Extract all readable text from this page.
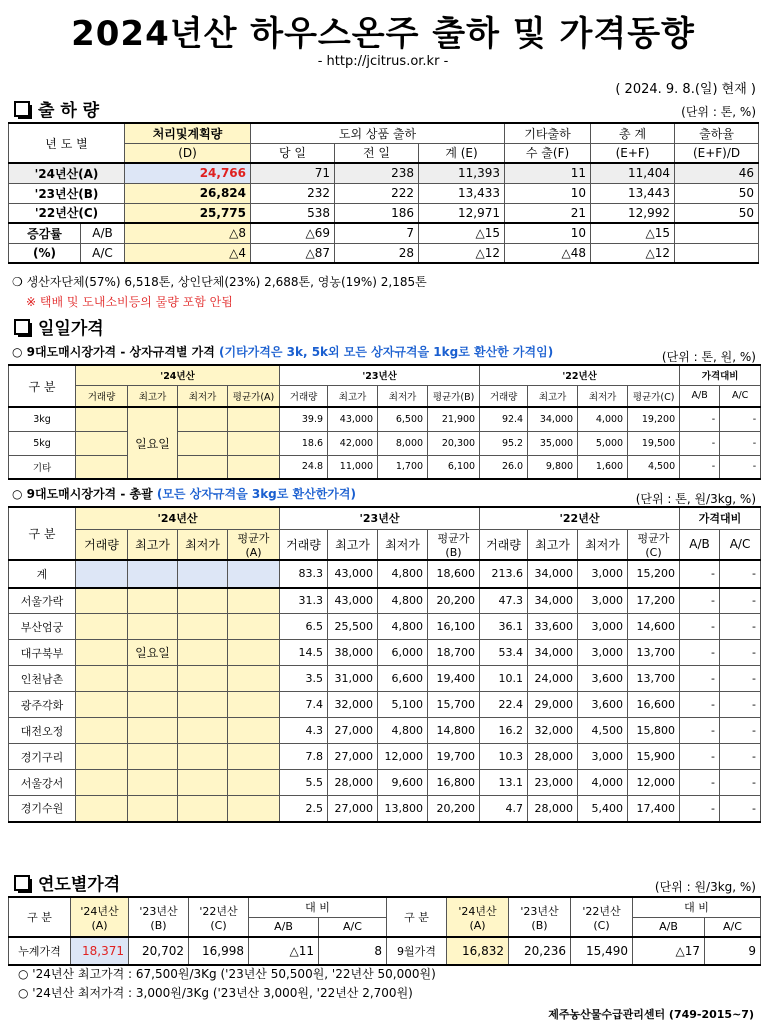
2024년산 하우스온주 출하 및 가격동향
- http://jcitrus.or.kr -
( 2024. 9. 8.(일) 현재 )
출 하 량	(단위 : 톤, %)
년 도 별		처리및계획량	도외 상품 출하			기타출하	총 계	출하율
		(D)	당 일	전 일	계 (E)	수 출(F)	(E+F)	(E+F)/D
'24년산(A)		24,766	71	238	11,393	11	11,404	46
'23년산(B)		26,824	232	222	13,433	10	13,443	50
'22년산(C)		25,775	538	186	12,971	21	12,992	50
증감률	A/B	△8	△69	7	△15	10	△15	
(%)	A/C	△4	△87	28	△12	△48	△12	
❍ 생산자단체(57%) 6,518톤, 상인단체(23%) 2,688톤, 영농(19%) 2,185톤
※ 택배 및 도내소비등의 물량 포함 안됨
일일가격
○ 9대도매시장가격 - 상자규격별 가격 (기타가격은 3k, 5k외 모든 상자규격을 1kg로 환산한 가격임)	(단위 : 톤, 원, %)
구 분	'24년산				'23년산				'22년산				가격대비	
	거래량	최고가	최저가	평균가(A)	거래량	최고가	최저가	평균가(B)	거래량	최고가	최저가	평균가(C)	A/B	A/C
3kg		일요일			39.9	43,000	6,500	21,900	92.4	34,000	4,000	19,200	-	-
5kg					18.6	42,000	8,000	20,300	95.2	35,000	5,000	19,500	-	-
기타					24.8	11,000	1,700	6,100	26.0	9,800	1,600	4,500	-	-
○ 9대도매시장가격 - 총괄 (모든 상자규격을 3kg로 환산한가격)	(단위 : 톤, 원/3kg, %)
구 분	'24년산				'23년산				'22년산				가격대비	
	거래량	최고가	최저가	평균가(A)	거래량	최고가	최저가	평균가(B)	거래량	최고가	최저가	평균가(C)	A/B	A/C
계					83.3	43,000	4,800	18,600	213.6	34,000	3,000	15,200	-	-
서울가락					31.3	43,000	4,800	20,200	47.3	34,000	3,000	17,200	-	-
부산엄궁					6.5	25,500	4,800	16,100	36.1	33,600	3,000	14,600	-	-
대구북부		일요일			14.5	38,000	6,000	18,700	53.4	34,000	3,000	13,700	-	-
인천남촌					3.5	31,000	6,600	19,400	10.1	24,000	3,600	13,700	-	-
광주각화					7.4	32,000	5,100	15,700	22.4	29,000	3,600	16,600	-	-
대전오정					4.3	27,000	4,800	14,800	16.2	32,000	4,500	15,800	-	-
경기구리					7.8	27,000	12,000	19,700	10.3	28,000	3,000	15,900	-	-
서울강서					5.5	28,000	9,600	16,800	13.1	23,000	4,000	12,000	-	-
경기수원					2.5	27,000	13,800	20,200	4.7	28,000	5,400	17,400	-	-
연도별가격	(단위 : 원/3kg, %)
구 분	'24년산(A)	'23년산(B)	'22년산(C)	대 비		구 분	'24년산(A)	'23년산(B)	'22년산(C)	대 비	
				A/B	A/C					A/B	A/C
누계가격	18,371	20,702	16,998	△11	8	9월가격	16,832	20,236	15,490	△17	9
○ '24년산 최고가격 : 67,500원/3Kg ('23년산 50,500원, '22년산 50,000원)
○ '24년산 최저가격 : 3,000원/3Kg ('23년산 3,000원, '22년산 2,700원)
제주농산물수급관리센터 (749-2015~7)
